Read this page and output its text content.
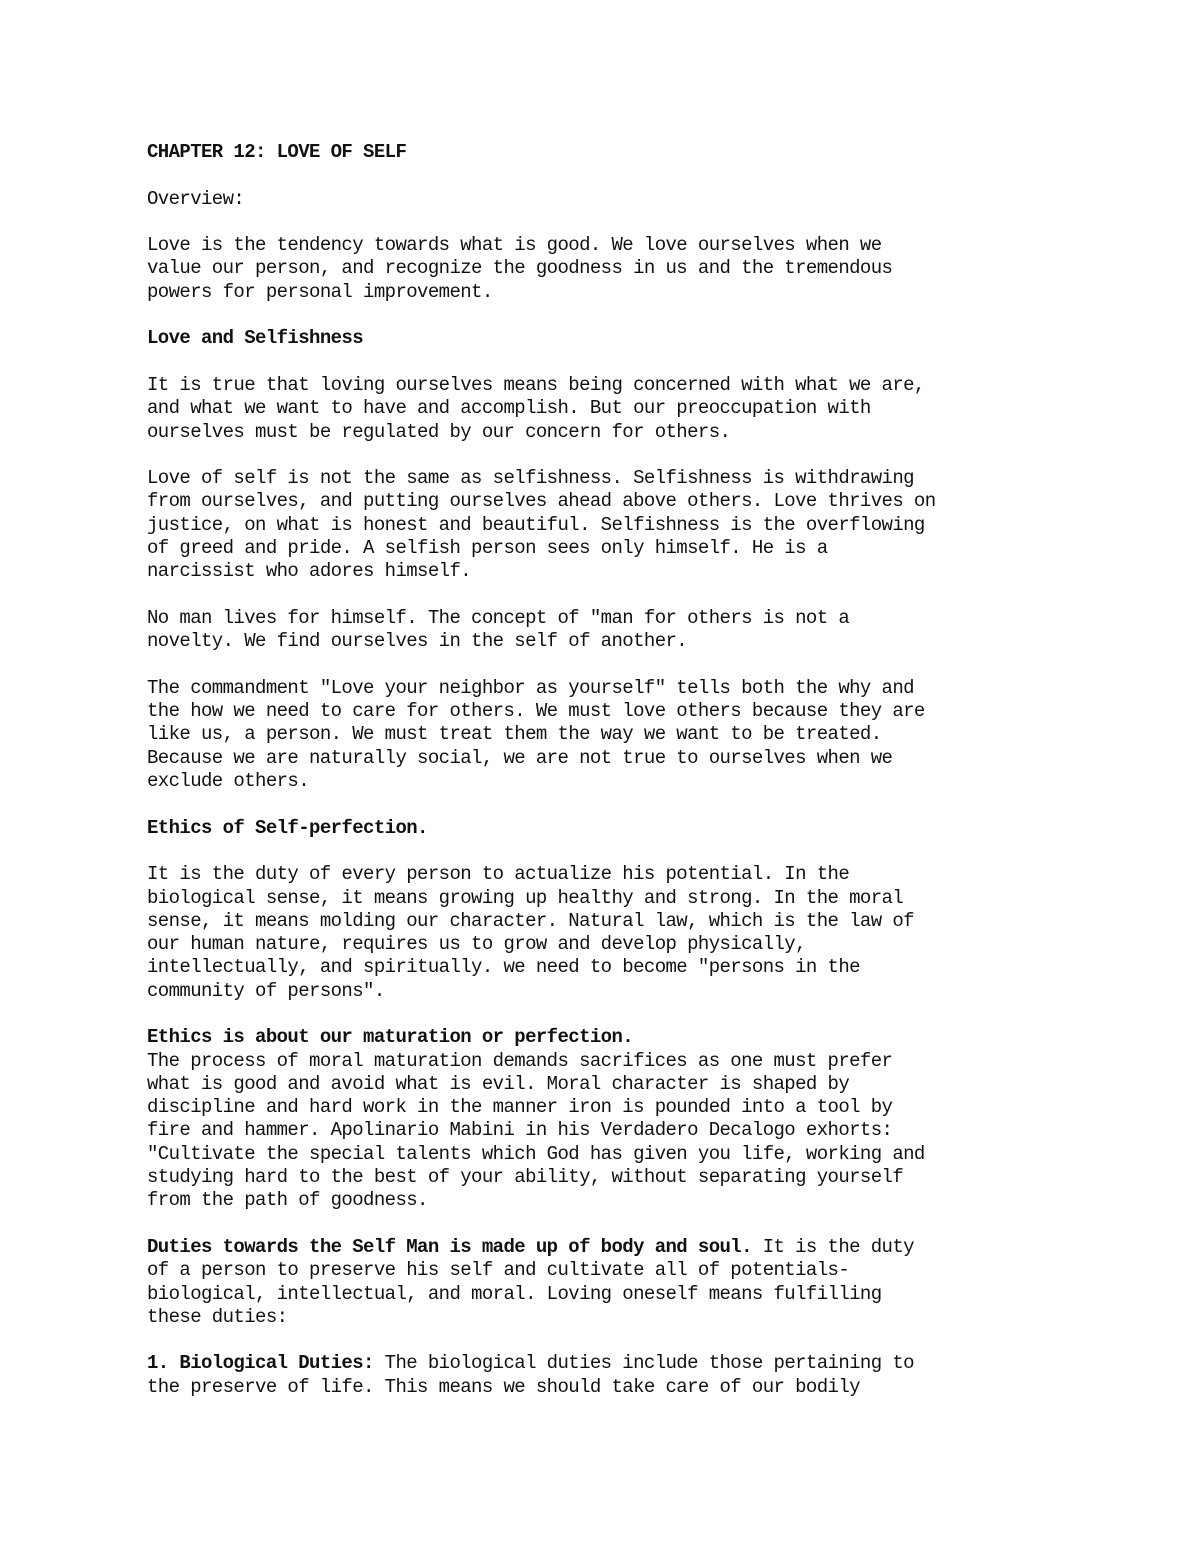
CHAPTER 12: LOVE OF SELF
Overview:
Love is the tendency towards what is good. We love ourselves when we
value our person, and recognize the goodness in us and the tremendous
powers for personal improvement.
Love and Selfishness
It is true that loving ourselves means being concerned with what we are,
and what we want to have and accomplish. But our preoccupation with
ourselves must be regulated by our concern for others.
Love of self is not the same as selfishness. Selfishness is withdrawing
from ourselves, and putting ourselves ahead above others. Love thrives on
justice, on what is honest and beautiful. Selfishness is the overflowing
of greed and pride. A selfish person sees only himself. He is a
narcissist who adores himself.
No man lives for himself. The concept of "man for others is not a
novelty. We find ourselves in the self of another.
The commandment "Love your neighbor as yourself" tells both the why and
the how we need to care for others. We must love others because they are
like us, a person. We must treat them the way we want to be treated.
Because we are naturally social, we are not true to ourselves when we
exclude others.
Ethics of Self-perfection.
It is the duty of every person to actualize his potential. In the
biological sense, it means growing up healthy and strong. In the moral
sense, it means molding our character. Natural law, which is the law of
our human nature, requires us to grow and develop physically,
intellectually, and spiritually. we need to become "persons in the
community of persons".
Ethics is about our maturation or perfection.
The process of moral maturation demands sacrifices as one must prefer
what is good and avoid what is evil. Moral character is shaped by
discipline and hard work in the manner iron is pounded into a tool by
fire and hammer. Apolinario Mabini in his Verdadero Decalogo exhorts:
"Cultivate the special talents which God has given you life, working and
studying hard to the best of your ability, without separating yourself
from the path of goodness.
Duties towards the Self Man is made up of body and soul. It is the duty
of a person to preserve his self and cultivate all of potentials-
biological, intellectual, and moral. Loving oneself means fulfilling
these duties:
1. Biological Duties: The biological duties include those pertaining to
the preserve of life. This means we should take care of our bodily
